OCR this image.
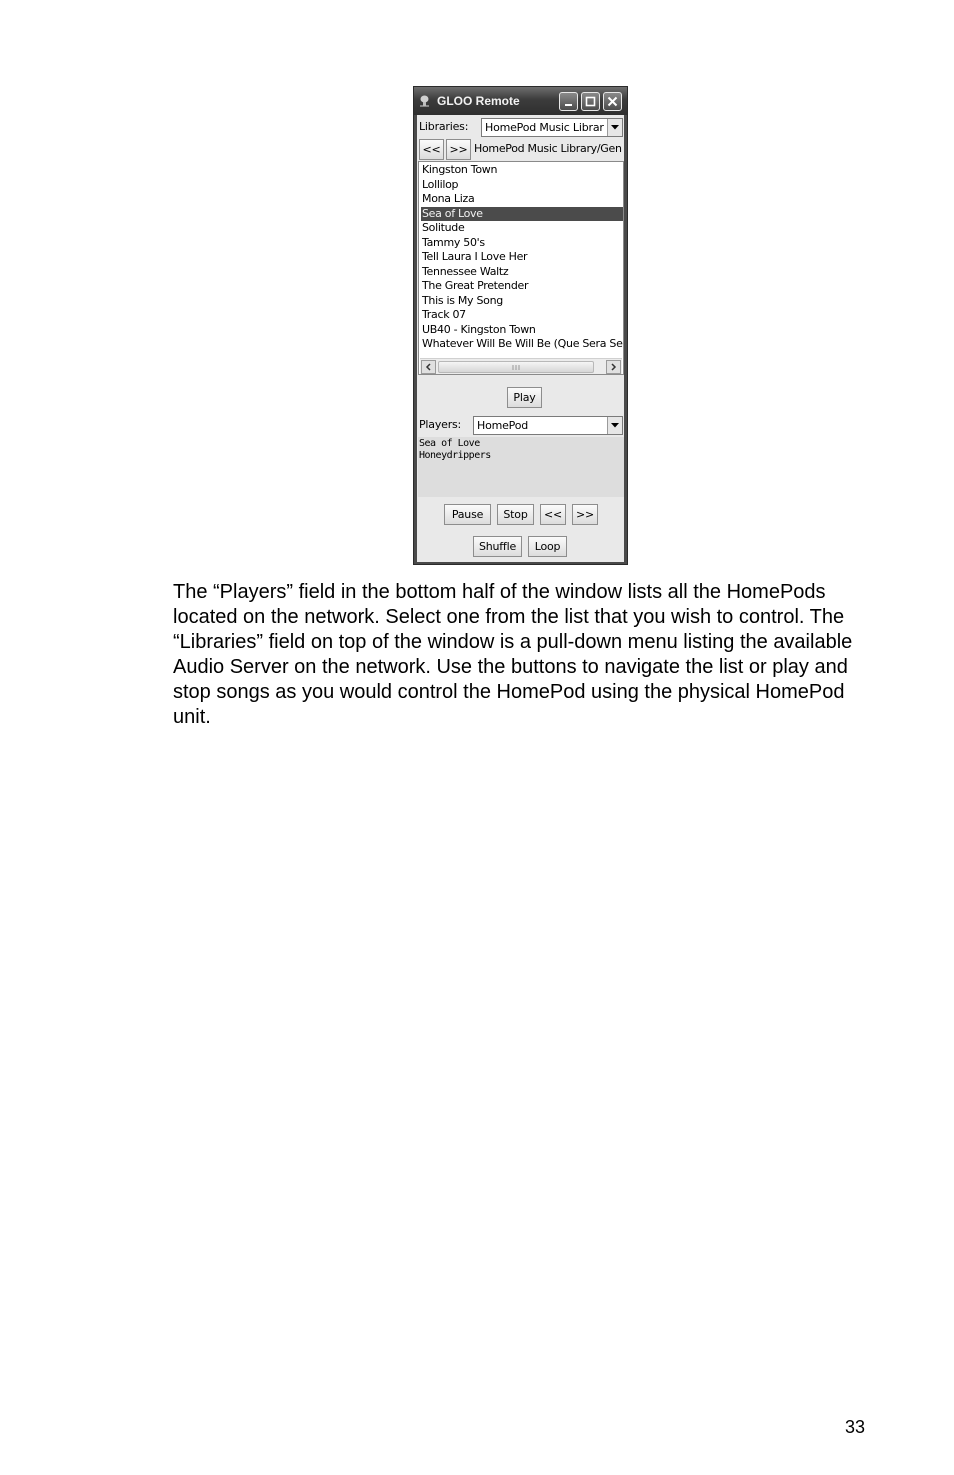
GLOO Remote
Libraries: HomePod Music Librar
<< >> HomePod Music Library/Gen
Kingston Town
Lollilop
Mona Liza
Sea of Love
Solitude
Tammy 50's
Tell Laura I Love Her
Tennessee Waltz
The Great Pretender
This is My Song
Track 07
UB40 - Kingston Town
Whatever Will Be Will Be (Que Sera Se
Play
Players: HomePod
Sea of Love
Honeydrippers
Pause	Stop	<<	>>
Shuffle	Loop

The “Players” field in the bottom half of the window lists all the HomePods located on the network. Select one from the list that you wish to control. The “Libraries” field on top of the window is a pull-down menu listing the available Audio Server on the network. Use the buttons to navigate the list or play and stop songs as you would control the HomePod using the physical HomePod unit.

33
